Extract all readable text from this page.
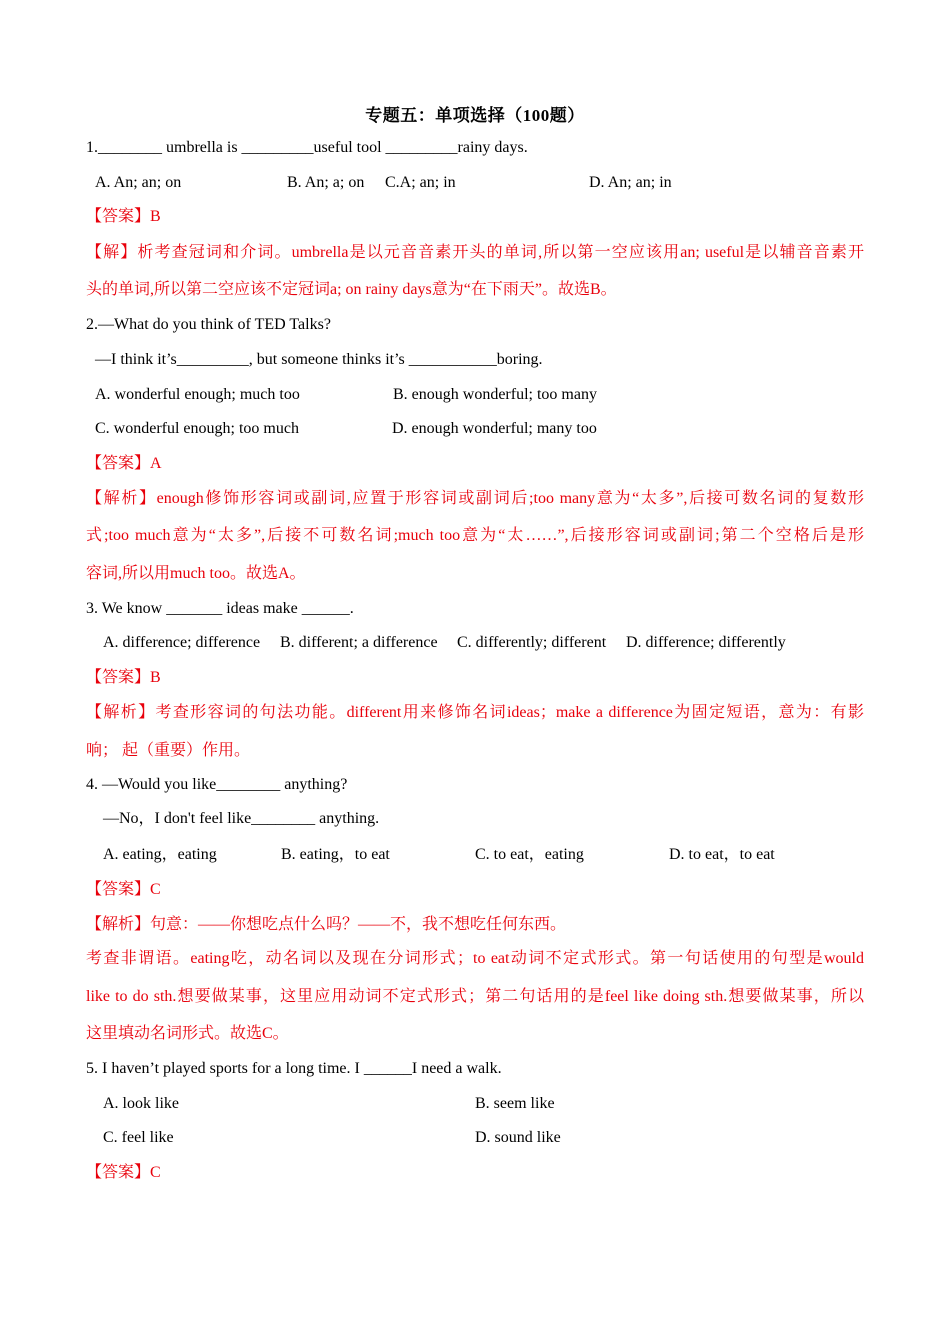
专题五：单项选择（100题）
1.________ umbrella is _________useful tool _________rainy days.
A. An; an; on	B. An; a; on C.A; an; in	D. An; an; in
【答案】B
【解】析考查冠词和介词。umbrella是以元音音素开头的单词,所以第一空应该用an; useful是以辅音音素开
头的单词,所以第二空应该不定冠词a; on rainy days意为“在下雨天”。故选B。
2.—What do you think of TED Talks?
—I think it’s_________, but someone thinks it’s ___________boring.
A. wonderful enough; much too	B. enough wonderful; too many
C. wonderful enough; too much	D. enough wonderful; many too
【答案】A
【解析】enough修饰形容词或副词,应置于形容词或副词后;too many意为“太多”,后接可数名词的复数形
式;too much意为“太多”,后接不可数名词;much too意为“太……”,后接形容词或副词;第二个空格后是形
容词,所以用much too。故选A。
3. We know _______ ideas make ______.
A. difference; difference B. different; a difference C. differently; different D. difference; differently
【答案】B
【解析】考查形容词的句法功能。different用来修饰名词ideas；make a difference为固定短语，意为：有影
响； 起（重要）作用。
4. —Would you like________ anything?
—No，I don't feel like________ anything.
A. eating，eating	B. eating，to eat	C. to eat，eating	D. to eat，to eat
【答案】C
【解析】句意：——你想吃点什么吗？——不，我不想吃任何东西。
考查非谓语。eating吃，动名词以及现在分词形式；to eat动词不定式形式。第一句话使用的句型是would
like to do sth.想要做某事，这里应用动词不定式形式；第二句话用的是feel like doing sth.想要做某事，所以
这里填动名词形式。故选C。
5. I haven’t played sports for a long time. I ______I need a walk.
A. look like	B. seem like
C. feel like	D. sound like
【答案】C
